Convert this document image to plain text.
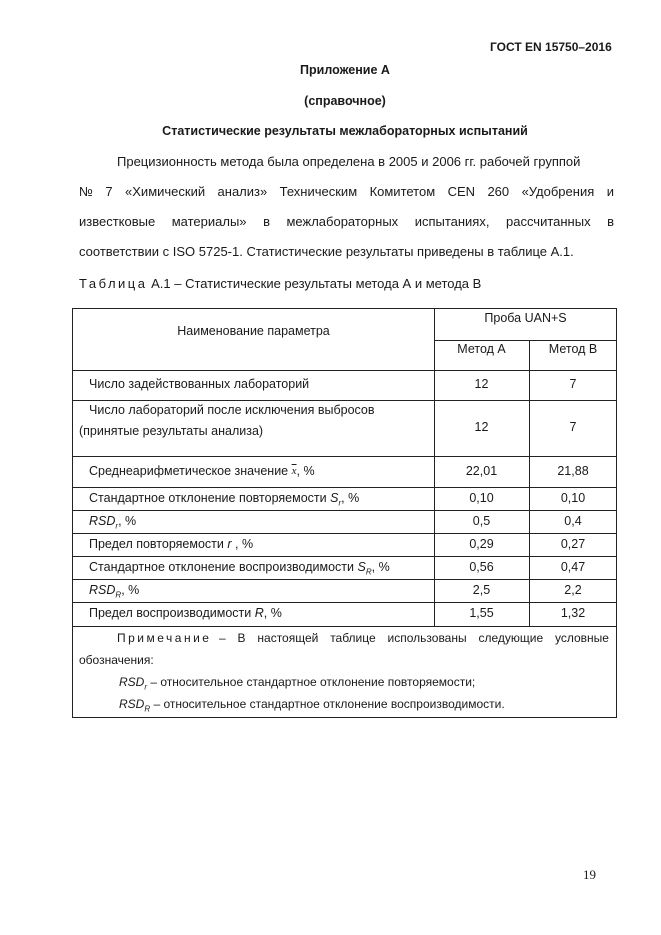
ГОСТ EN 15750–2016
Приложение А
(справочное)
Статистические результаты межлабораторных испытаний
Прецизионность метода была определена в 2005 и 2006 гг. рабочей группой
№ 7 «Химический анализ» Техническим Комитетом CEN 260 «Удобрения и
известковые материалы» в межлабораторных испытаниях, рассчитанных в
соответствии с ISO 5725-1. Статистические результаты приведены в таблице А.1.
Таблица А.1 – Статистические результаты метода А и метода В
Наименование параметра
Проба UAN+S
Метод А	Метод В
Число задействованных лабораторий	12	7
Число лабораторий после исключения выбросов
(принятые результаты анализа)	12	7
Среднеарифметическое значение $\overline{x}$, %	22,01	21,88
Стандартное отклонение повторяемости $S_r$, %	0,10	0,10
$RSD_r$, %	0,5	0,4
Предел повторяемости r , %	0,29	0,27
Стандартное отклонение воспроизводимости $S_R$, %	0,56	0,47
$RSD_R$, %	2,5	2,2
Предел воспроизводимости R, %	1,55	1,32
Примечание – В настоящей таблице использованы следующие условные
обозначения:
$RSD_r$ – относительное стандартное отклонение повторяемости;
$RSD_R$ – относительное стандартное отклонение воспроизводимости.
19
